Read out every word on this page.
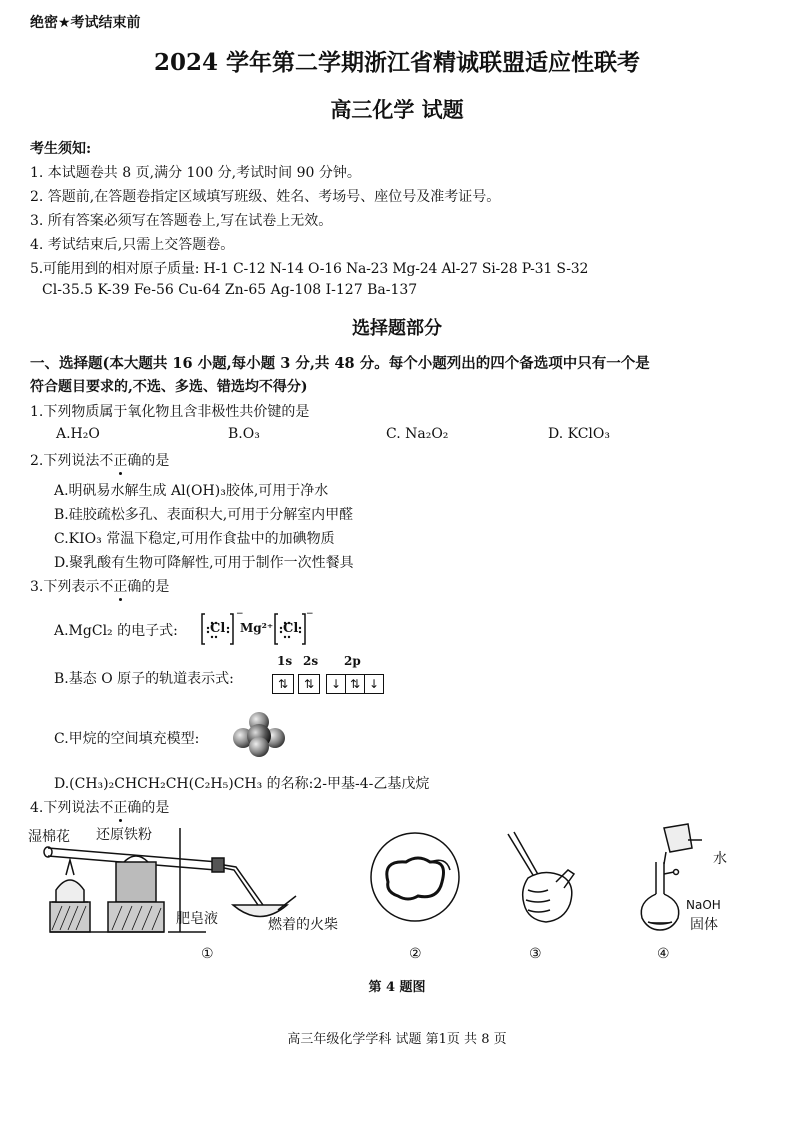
绝密★考试结束前
2024 学年第二学期浙江省精诚联盟适应性联考
高三化学 试题
考生须知:
1. 本试题卷共 8 页,满分 100 分,考试时间 90 分钟。
2. 答题前,在答题卷指定区域填写班级、姓名、考场号、座位号及准考证号。
3. 所有答案必须写在答题卷上,写在试卷上无效。
4. 考试结束后,只需上交答题卷。
5.可能用到的相对原子质量: H-1 C-12 N-14 O-16 Na-23 Mg-24 Al-27 Si-28 P-31 S-32
Cl-35.5 K-39 Fe-56 Cu-64 Zn-65 Ag-108 I-127 Ba-137
选择题部分
一、选择题(本大题共 16 小题,每小题 3 分,共 48 分。每个小题列出的四个备选项中只有一个是
符合题目要求的,不选、多选、错选均不得分)
1.下列物质属于氧化物且含非极性共价键的是
A.H₂O	B.O₃	C. Na₂O₂	D. KClO₃
2.下列说法不正确的是
A.明矾易水解生成 Al(OH)₃胶体,可用于净水
B.硅胶疏松多孔、表面积大,可用于分解室内甲醛
C.KIO₃ 常温下稳定,可用作食盐中的加碘物质
D.聚乳酸有生物可降解性,可用于制作一次性餐具
3.下列表示不正确的是
A.MgCl₂ 的电子式:
−	−
Cl Mg²⁺ Cl
B.基态 O 原子的轨道表示式:
1s 2s 2p
⇅	⇅	↓ ⇅ ↓
C.甲烷的空间填充模型:
D.(CH₃)₂CHCH₂CH(C₂H₅)CH₃ 的名称:2-甲基-4-乙基戊烷
4.下列说法不正确的是
湿棉花 还原铁粉
肥皂液	燃着的火柴
水
NaOH
固体
①	②	③	④
第 4 题图
高三年级化学学科 试题 第1页 共 8 页
